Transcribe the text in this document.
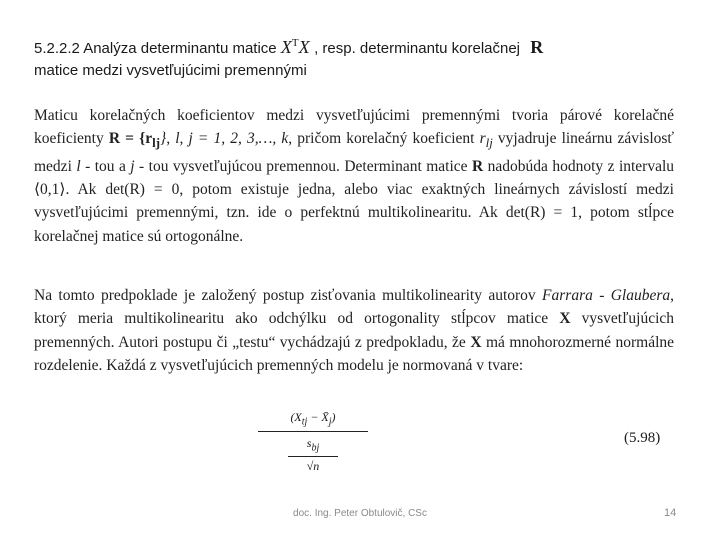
5.2.2.2 Analýza determinantu matice $X^TX$ , resp. determinantu korelačnej R
matice medzi vysvetľujúcimi premennými
Maticu korelačných koeficientov medzi vysvetľujúcimi premennými tvoria párové korelačné koeficienty $R = \{r_{lj}\}$, l, j = 1, 2, 3,…, k, pričom korelačný koeficient $r_{lj}$ vyjadruje lineárnu závislosť medzi l - tou a j - tou vysvetľujúcou premennou. Determinant matice R nadobúda hodnoty z intervalu ⟨0,1⟩. Ak det(R) = 0, potom existuje jedna, alebo viac exaktných lineárnych závislostí medzi vysvetľujúcimi premennými, tzn. ide o perfektnú multikolinearitu. Ak det(R) = 1, potom stĺpce korelačnej matice sú ortogonálne.
Na tomto predpoklade je založený postup zisťovania multikolinearity autorov Farrara - Glaubera, ktorý meria multikolinearitu ako odchýlku od ortogonality stĺpcov matice X vysvetľujúcich premenných. Autori postupu či „testu“ vychádzajú z predpokladu, že X má mnohorozmerné normálne rozdelenie. Každá z vysvetľujúcich premenných modelu je normovaná v tvare:
($X_{tj}$ − $X̄_j$)
$s_{bj}$
√n
(5.98)
doc. Ing. Peter Obtulovič, CSc	14
